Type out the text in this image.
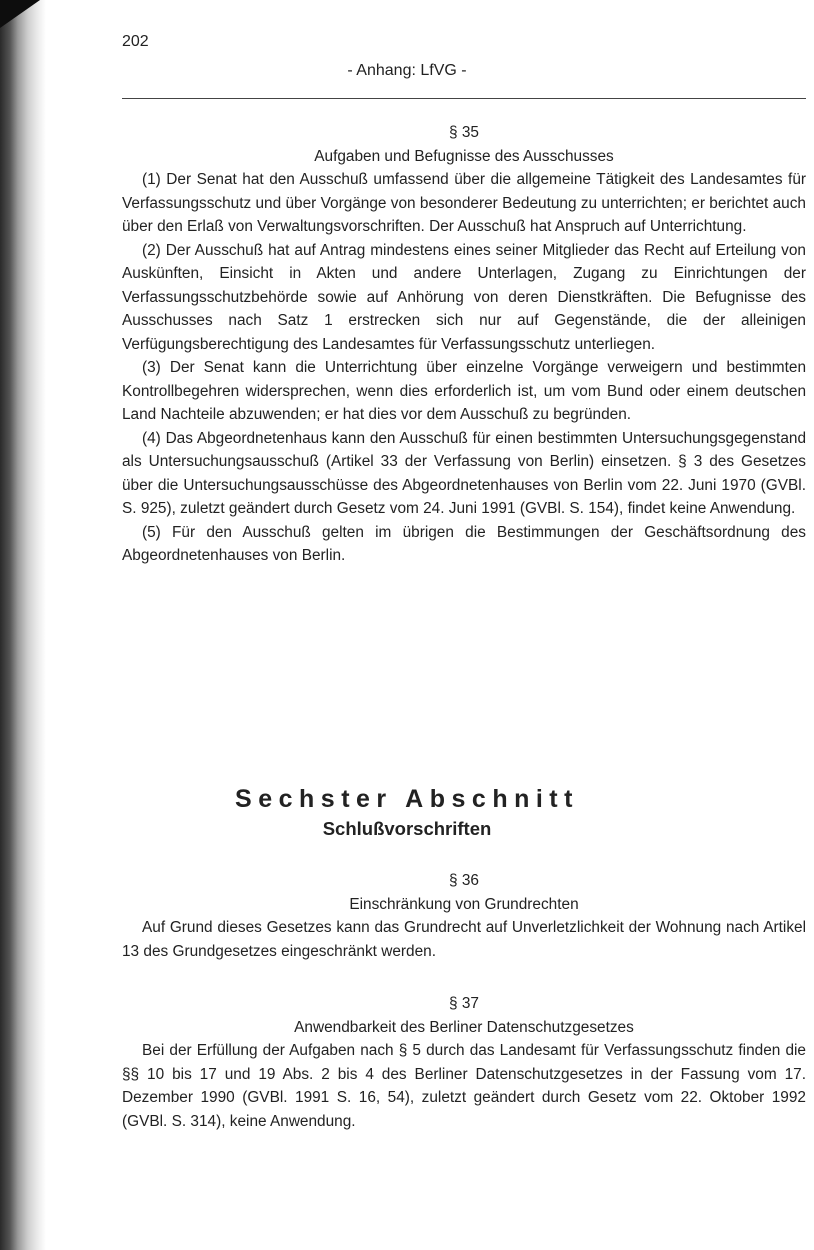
202
- Anhang: LfVG -
§ 35
Aufgaben und Befugnisse des Ausschusses

(1) Der Senat hat den Ausschuß umfassend über die allgemeine Tätigkeit des Landesamtes für Verfassungsschutz und über Vorgänge von besonderer Bedeutung zu unterrichten; er berichtet auch über den Erlaß von Verwaltungsvorschriften. Der Ausschuß hat Anspruch auf Unterrichtung.

(2) Der Ausschuß hat auf Antrag mindestens eines seiner Mitglieder das Recht auf Erteilung von Auskünften, Einsicht in Akten und andere Unterlagen, Zugang zu Einrichtungen der Verfassungsschutzbehörde sowie auf Anhörung von deren Dienstkräften. Die Befugnisse des Ausschusses nach Satz 1 erstrecken sich nur auf Gegenstände, die der alleinigen Verfügungsberechtigung des Landesamtes für Verfassungsschutz unterliegen.

(3) Der Senat kann die Unterrichtung über einzelne Vorgänge verweigern und bestimmten Kontrollbegehren widersprechen, wenn dies erforderlich ist, um vom Bund oder einem deutschen Land Nachteile abzuwenden; er hat dies vor dem Ausschuß zu begründen.

(4) Das Abgeordnetenhaus kann den Ausschuß für einen bestimmten Untersuchungsgegenstand als Untersuchungsausschuß (Artikel 33 der Verfassung von Berlin) einsetzen. § 3 des Gesetzes über die Untersuchungsausschüsse des Abgeordnetenhauses von Berlin vom 22. Juni 1970 (GVBl. S. 925), zuletzt geändert durch Gesetz vom 24. Juni 1991 (GVBl. S. 154), findet keine Anwendung.

(5) Für den Ausschuß gelten im übrigen die Bestimmungen der Geschäftsordnung des Abgeordnetenhauses von Berlin.

Sechster Abschnitt
Schlußvorschriften
§ 36
Einschränkung von Grundrechten

Auf Grund dieses Gesetzes kann das Grundrecht auf Unverletzlichkeit der Wohnung nach Artikel 13 des Grundgesetzes eingeschränkt werden.

§ 37
Anwendbarkeit des Berliner Datenschutzgesetzes

Bei der Erfüllung der Aufgaben nach § 5 durch das Landesamt für Verfassungsschutz finden die §§ 10 bis 17 und 19 Abs. 2 bis 4 des Berliner Datenschutzgesetzes in der Fassung vom 17. Dezember 1990 (GVBl. 1991 S. 16, 54), zuletzt geändert durch Gesetz vom 22. Oktober 1992 (GVBl. S. 314), keine Anwendung.
